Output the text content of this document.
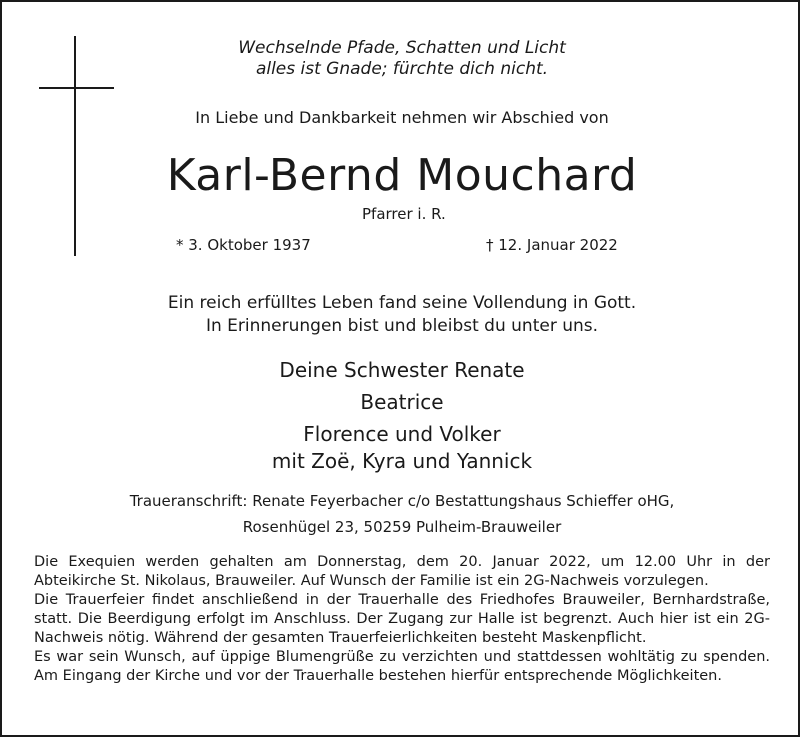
Wechselnde Pfade, Schatten und Licht
alles ist Gnade; fürchte dich nicht.
In Liebe und Dankbarkeit nehmen wir Abschied von
Karl-Bernd Mouchard
Pfarrer i. R.
* 3. Oktober 1937	† 12. Januar 2022
Ein reich erfülltes Leben fand seine Vollendung in Gott.
In Erinnerungen bist und bleibst du unter uns.
Deine Schwester Renate
Beatrice
Florence und Volker
mit Zoë, Kyra und Yannick
Traueranschrift: Renate Feyerbacher c/o Bestattungshaus Schieffer oHG,
Rosenhügel 23, 50259 Pulheim-Brauweiler

Die Exequien werden gehalten am Donnerstag, dem 20. Januar 2022, um 12.00 Uhr in der Abteikirche St. Nikolaus, Brauweiler. Auf Wunsch der Familie ist ein 2G-Nachweis vorzulegen.

Die Trauerfeier findet anschließend in der Trauerhalle des Friedhofes Brauweiler, Bernhardstraße, statt. Die Beerdigung erfolgt im Anschluss. Der Zugang zur Halle ist begrenzt. Auch hier ist ein 2G-Nachweis nötig. Während der gesamten Trauerfeierlichkeiten besteht Maskenpflicht.

Es war sein Wunsch, auf üppige Blumengrüße zu verzichten und stattdessen wohltätig zu spenden. Am Eingang der Kirche und vor der Trauerhalle bestehen hierfür entsprechende Möglichkeiten.
